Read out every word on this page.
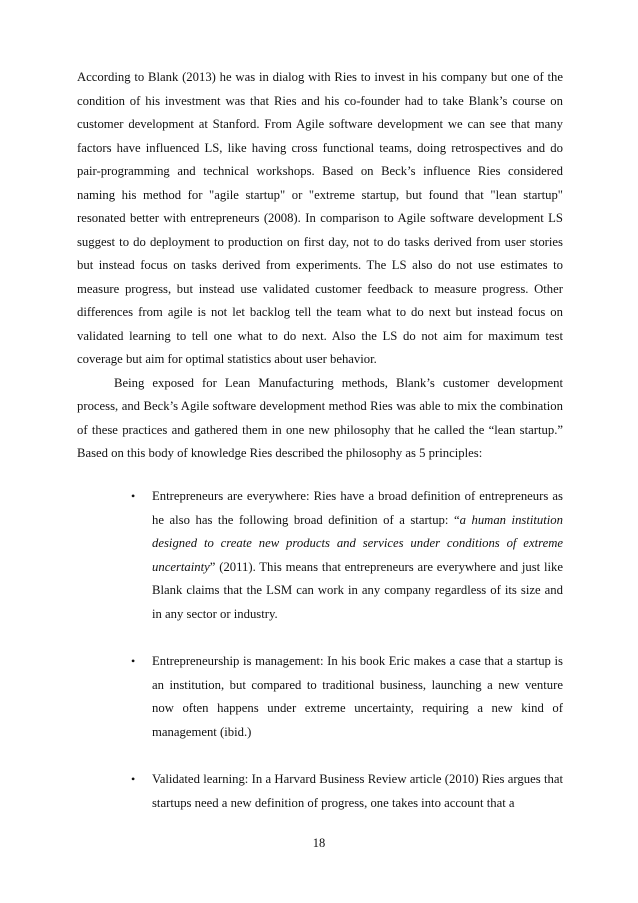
According to Blank (2013) he was in dialog with Ries to invest in his company but one of the condition of his investment was that Ries and his co-founder had to take Blank’s course on customer development at Stanford. From Agile software development we can see that many factors have influenced LS, like having cross functional teams, doing retrospectives and do pair-programming and technical workshops. Based on Beck’s influence Ries considered naming his method for "agile startup" or "extreme startup, but found that "lean startup" resonated better with entrepreneurs (2008). In comparison to Agile software development LS suggest to do deployment to production on first day, not to do tasks derived from user stories but instead focus on tasks derived from experiments. The LS also do not use estimates to measure progress, but instead use validated customer feedback to measure progress. Other differences from agile is not let backlog tell the team what to do next but instead focus on validated learning to tell one what to do next. Also the LS do not aim for maximum test coverage but aim for optimal statistics about user behavior.

Being exposed for Lean Manufacturing methods, Blank’s customer development process, and Beck’s Agile software development method Ries was able to mix the combination of these practices and gathered them in one new philosophy that he called the “lean startup.” Based on this body of knowledge Ries described the philosophy as 5 principles:

• Entrepreneurs are everywhere: Ries have a broad definition of entrepreneurs as he also has the following broad definition of a startup: “a human institution designed to create new products and services under conditions of extreme uncertainty” (2011). This means that entrepreneurs are everywhere and just like Blank claims that the LSM can work in any company regardless of its size and in any sector or industry.
• Entrepreneurship is management: In his book Eric makes a case that a startup is an institution, but compared to traditional business, launching a new venture now often happens under extreme uncertainty, requiring a new kind of management (ibid.)
• Validated learning: In a Harvard Business Review article (2010) Ries argues that startups need a new definition of progress, one takes into account that a
18
